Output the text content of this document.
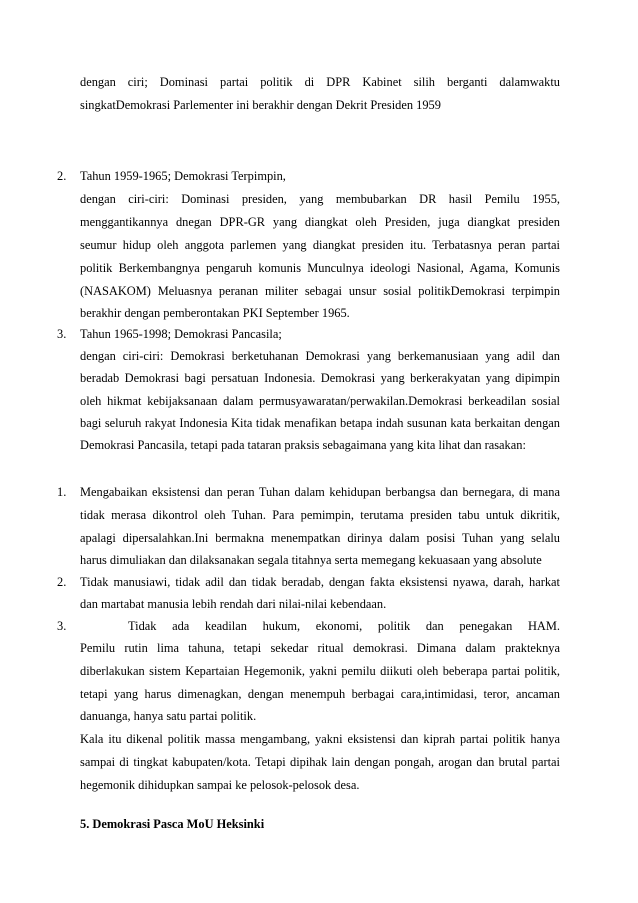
dengan ciri; Dominasi partai politik di DPR Kabinet silih berganti dalamwaktu
singkatDemokrasi Parlementer ini berakhir dengan Dekrit Presiden 1959
2. Tahun 1959-1965; Demokrasi Terpimpin,
dengan ciri-ciri: Dominasi presiden, yang membubarkan DR hasil Pemilu 1955,
menggantikannya dnegan DPR-GR yang diangkat oleh Presiden, juga diangkat presiden
seumur hidup oleh anggota parlemen yang diangkat presiden itu. Terbatasnya peran partai
politik Berkembangnya pengaruh komunis Munculnya ideologi Nasional, Agama, Komunis
(NASAKOM) Meluasnya peranan militer sebagai unsur sosial politikDemokrasi terpimpin
berakhir dengan pemberontakan PKI September 1965.
3. Tahun 1965-1998; Demokrasi Pancasila;
dengan ciri-ciri: Demokrasi berketuhanan Demokrasi yang berkemanusiaan yang adil dan
beradab Demokrasi bagi persatuan Indonesia. Demokrasi yang berkerakyatan yang dipimpin
oleh hikmat kebijaksanaan dalam permusyawaratan/perwakilan.Demokrasi berkeadilan sosial
bagi seluruh rakyat Indonesia Kita tidak menafikan betapa indah susunan kata berkaitan dengan
Demokrasi Pancasila, tetapi pada tataran praksis sebagaimana yang kita lihat dan rasakan:
1. Mengabaikan eksistensi dan peran Tuhan dalam kehidupan berbangsa dan bernegara, di mana
tidak merasa dikontrol oleh Tuhan. Para pemimpin, terutama presiden tabu untuk dikritik,
apalagi dipersalahkan.Ini bermakna menempatkan dirinya dalam posisi Tuhan yang selalu
harus dimuliakan dan dilaksanakan segala titahnya serta memegang kekuasaan yang absolute
2. Tidak manusiawi, tidak adil dan tidak beradab, dengan fakta eksistensi nyawa, darah, harkat
dan martabat manusia lebih rendah dari nilai-nilai kebendaan.
3.	Tidak ada keadilan hukum, ekonomi, politik dan penegakan HAM.
Pemilu rutin lima tahuna, tetapi sekedar ritual demokrasi. Dimana dalam prakteknya
diberlakukan sistem Kepartaian Hegemonik, yakni pemilu diikuti oleh beberapa partai politik,
tetapi yang harus dimenagkan, dengan menempuh berbagai cara,intimidasi, teror, ancaman
danuanga, hanya satu partai politik.
Kala itu dikenal politik massa mengambang, yakni eksistensi dan kiprah partai politik hanya
sampai di tingkat kabupaten/kota. Tetapi dipihak lain dengan pongah, arogan dan brutal partai
hegemonik dihidupkan sampai ke pelosok-pelosok desa.
5. Demokrasi Pasca MoU Heksinki
